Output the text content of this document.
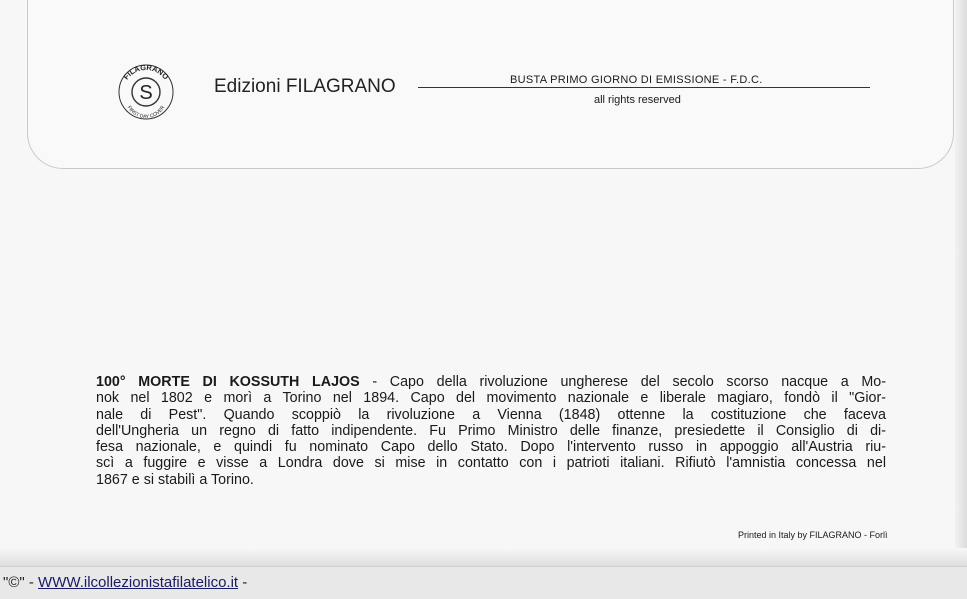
S
FILAGRANO
FIRST DAY COVER
Edizioni FILAGRANO	BUSTA PRIMO GIORNO DI EMISSIONE - F.D.C.
all rights reserved
100° MORTE DI KOSSUTH LAJOS - Capo della rivoluzione ungherese del secolo scorso nacque a Mo-
nok nel 1802 e morì a Torino nel 1894. Capo del movimento nazionale e liberale magiaro, fondò il "Gior-
nale di Pest". Quando scoppiò la rivoluzione a Vienna (1848) ottenne la costituzione che faceva
dell'Ungheria un regno di fatto indipendente. Fu Primo Ministro delle finanze, presiedette il Consiglio di di-
fesa nazionale, e quindi fu nominato Capo dello Stato. Dopo l'intervento russo in appoggio all'Austria riu-
scì a fuggire e visse a Londra dove si mise in contatto con i patrioti italiani. Rifiutò l'amnistia concessa nel
1867 e si stabilì a Torino.
Printed in Italy by FILAGRANO - Forlì
"©" - WWW.ilcollezionistafilatelico.it -
